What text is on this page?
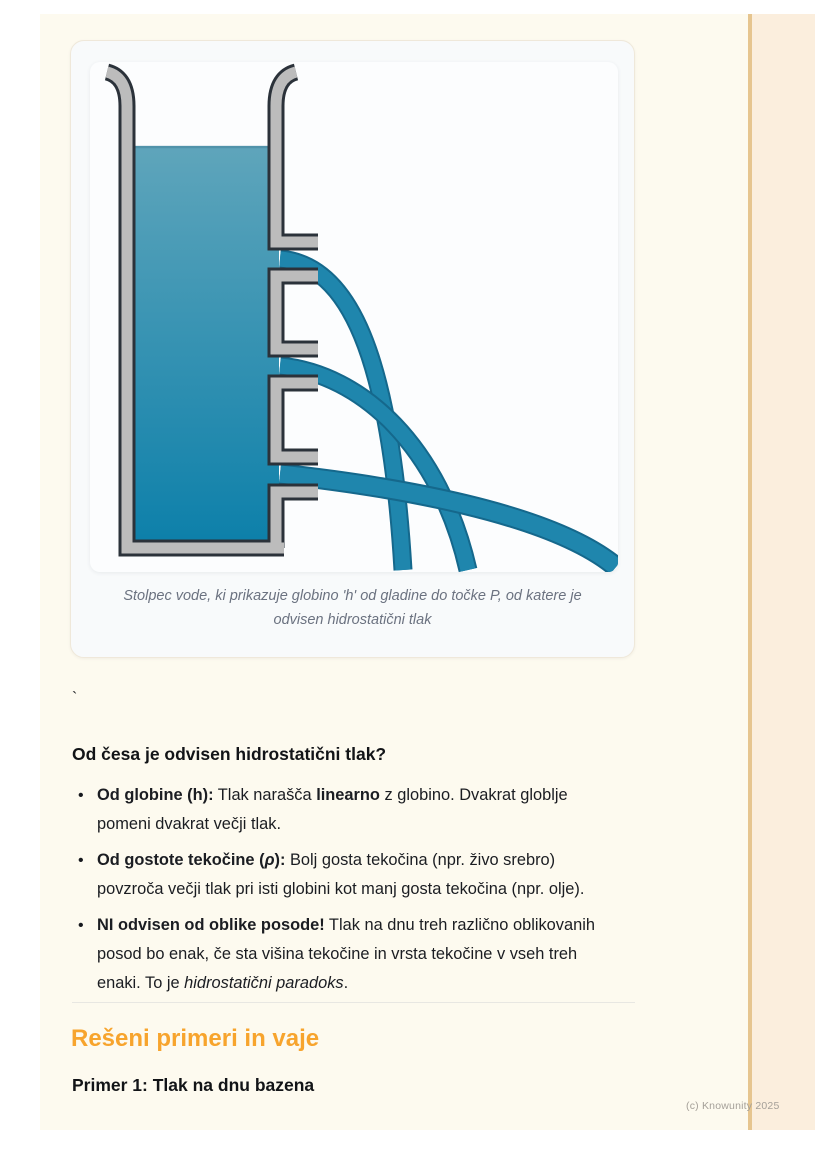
Stolpec vode, ki prikazuje globino 'h' od gladine do točke P, od katere je
odvisen hidrostatični tlak
`
Od česa je odvisen hidrostatični tlak?
• Od globine (h): Tlak narašča linearno z globino. Dvakrat globlje pomeni dvakrat večji tlak.
• Od gostote tekočine (ρ): Bolj gosta tekočina (npr. živo srebro) povzroča večji tlak pri isti globini kot manj gosta tekočina (npr. olje).
• NI odvisen od oblike posode! Tlak na dnu treh različno oblikovanih posod bo enak, če sta višina tekočine in vrsta tekočine v vseh treh enaki. To je hidrostatični paradoks.
Rešeni primeri in vaje
Primer 1: Tlak na dnu bazena
(c) Knowunity 2025
